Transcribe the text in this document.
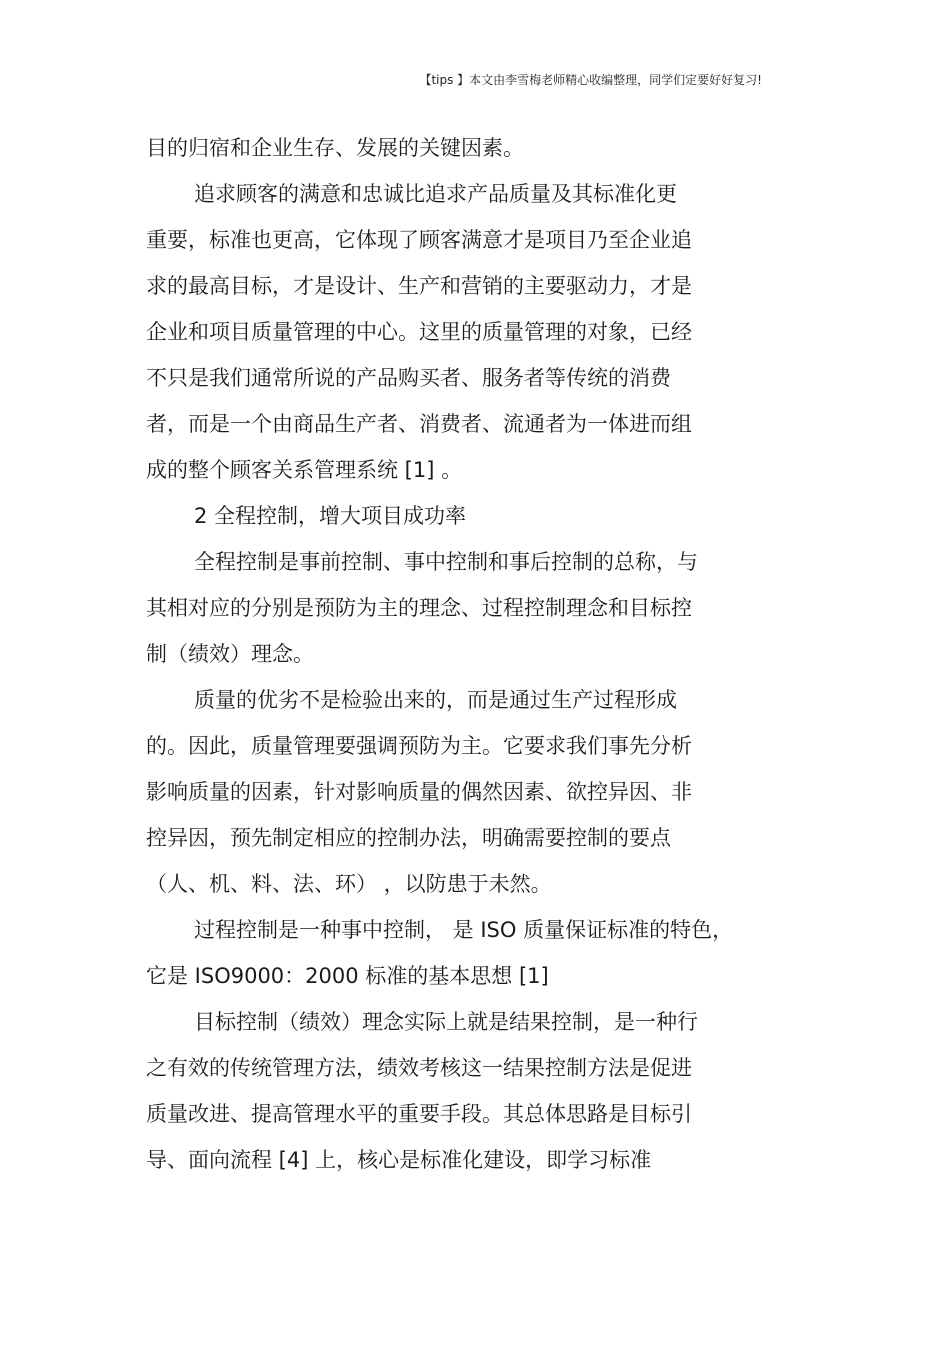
【tips 】本文由李雪梅老师精心收编整理，同学们定要好好复习!
目的归宿和企业生存、发展的关键因素。
追求顾客的满意和忠诚比追求产品质量及其标准化更
重要，标准也更高，它体现了顾客满意才是项目乃至企业追
求的最高目标，才是设计、生产和营销的主要驱动力，才是
企业和项目质量管理的中心。这里的质量管理的对象，已经
不只是我们通常所说的产品购买者、服务者等传统的消费
者，而是一个由商品生产者、消费者、流通者为一体进而组
成的整个顾客关系管理系统 [1] 。
2 全程控制，增大项目成功率
全程控制是事前控制、事中控制和事后控制的总称，与
其相对应的分别是预防为主的理念、过程控制理念和目标控
制（绩效）理念。
质量的优劣不是检验出来的，而是通过生产过程形成
的。因此，质量管理要强调预防为主。它要求我们事先分析
影响质量的因素，针对影响质量的偶然因素、欲控异因、非
控异因，预先制定相应的控制办法，明确需要控制的要点
（人、机、料、法、环） ，以防患于未然。
过程控制是一种事中控制， 是 ISO 质量保证标准的特色，
它是 ISO9000：2000 标准的基本思想 [1]
目标控制（绩效）理念实际上就是结果控制，是一种行
之有效的传统管理方法，绩效考核这一结果控制方法是促进
质量改进、提高管理水平的重要手段。其总体思路是目标引
导、面向流程 [4] 上，核心是标准化建设，即学习标准
